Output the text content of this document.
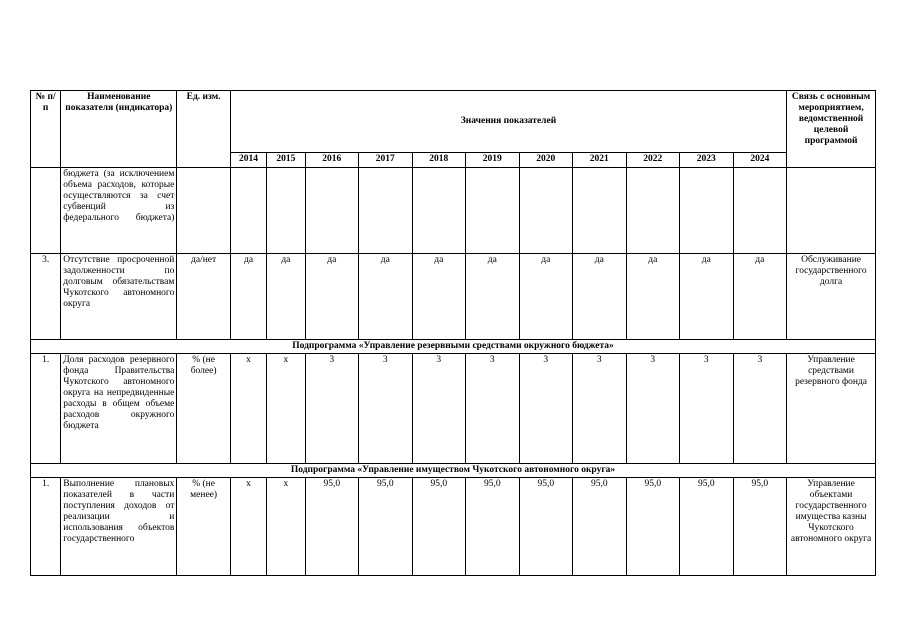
№ п/п	Наименование показателя (индикатора)	Ед. изм.	Значения показателей											Связь с основным мероприятием, ведомственной целевой программой
			2014	2015	2016	2017	2018	2019	2020	2021	2022	2023	2024	
	бюджета (за исключением объема расходов, которые осуществляются за счет субвенций из федерального бюджета)													
3.	Отсутствие просроченной задолженности по долговым обязательствам Чукотского автономного округа	да/нет	да	да	да	да	да	да	да	да	да	да	да	Обслуживание государственного долга
Подпрограмма «Управление резервными средствами окружного бюджета»														
1.	Доля расходов резервного фонда Правительства Чукотского автономного округа на непредвиденные расходы в общем объеме расходов окружного бюджета	% (не более)	х	х	3	3	3	3	3	3	3	3	3	Управление средствами резервного фонда
Подпрограмма «Управление имуществом Чукотского автономного округа»														
1.	Выполнение плановых показателей в части поступления доходов от реализации и использования объектов государственного	% (не менее)	х	х	95,0	95,0	95,0	95,0	95,0	95,0	95,0	95,0	95,0	Управление объектами государственного имущества казны Чукотского автономного округа
